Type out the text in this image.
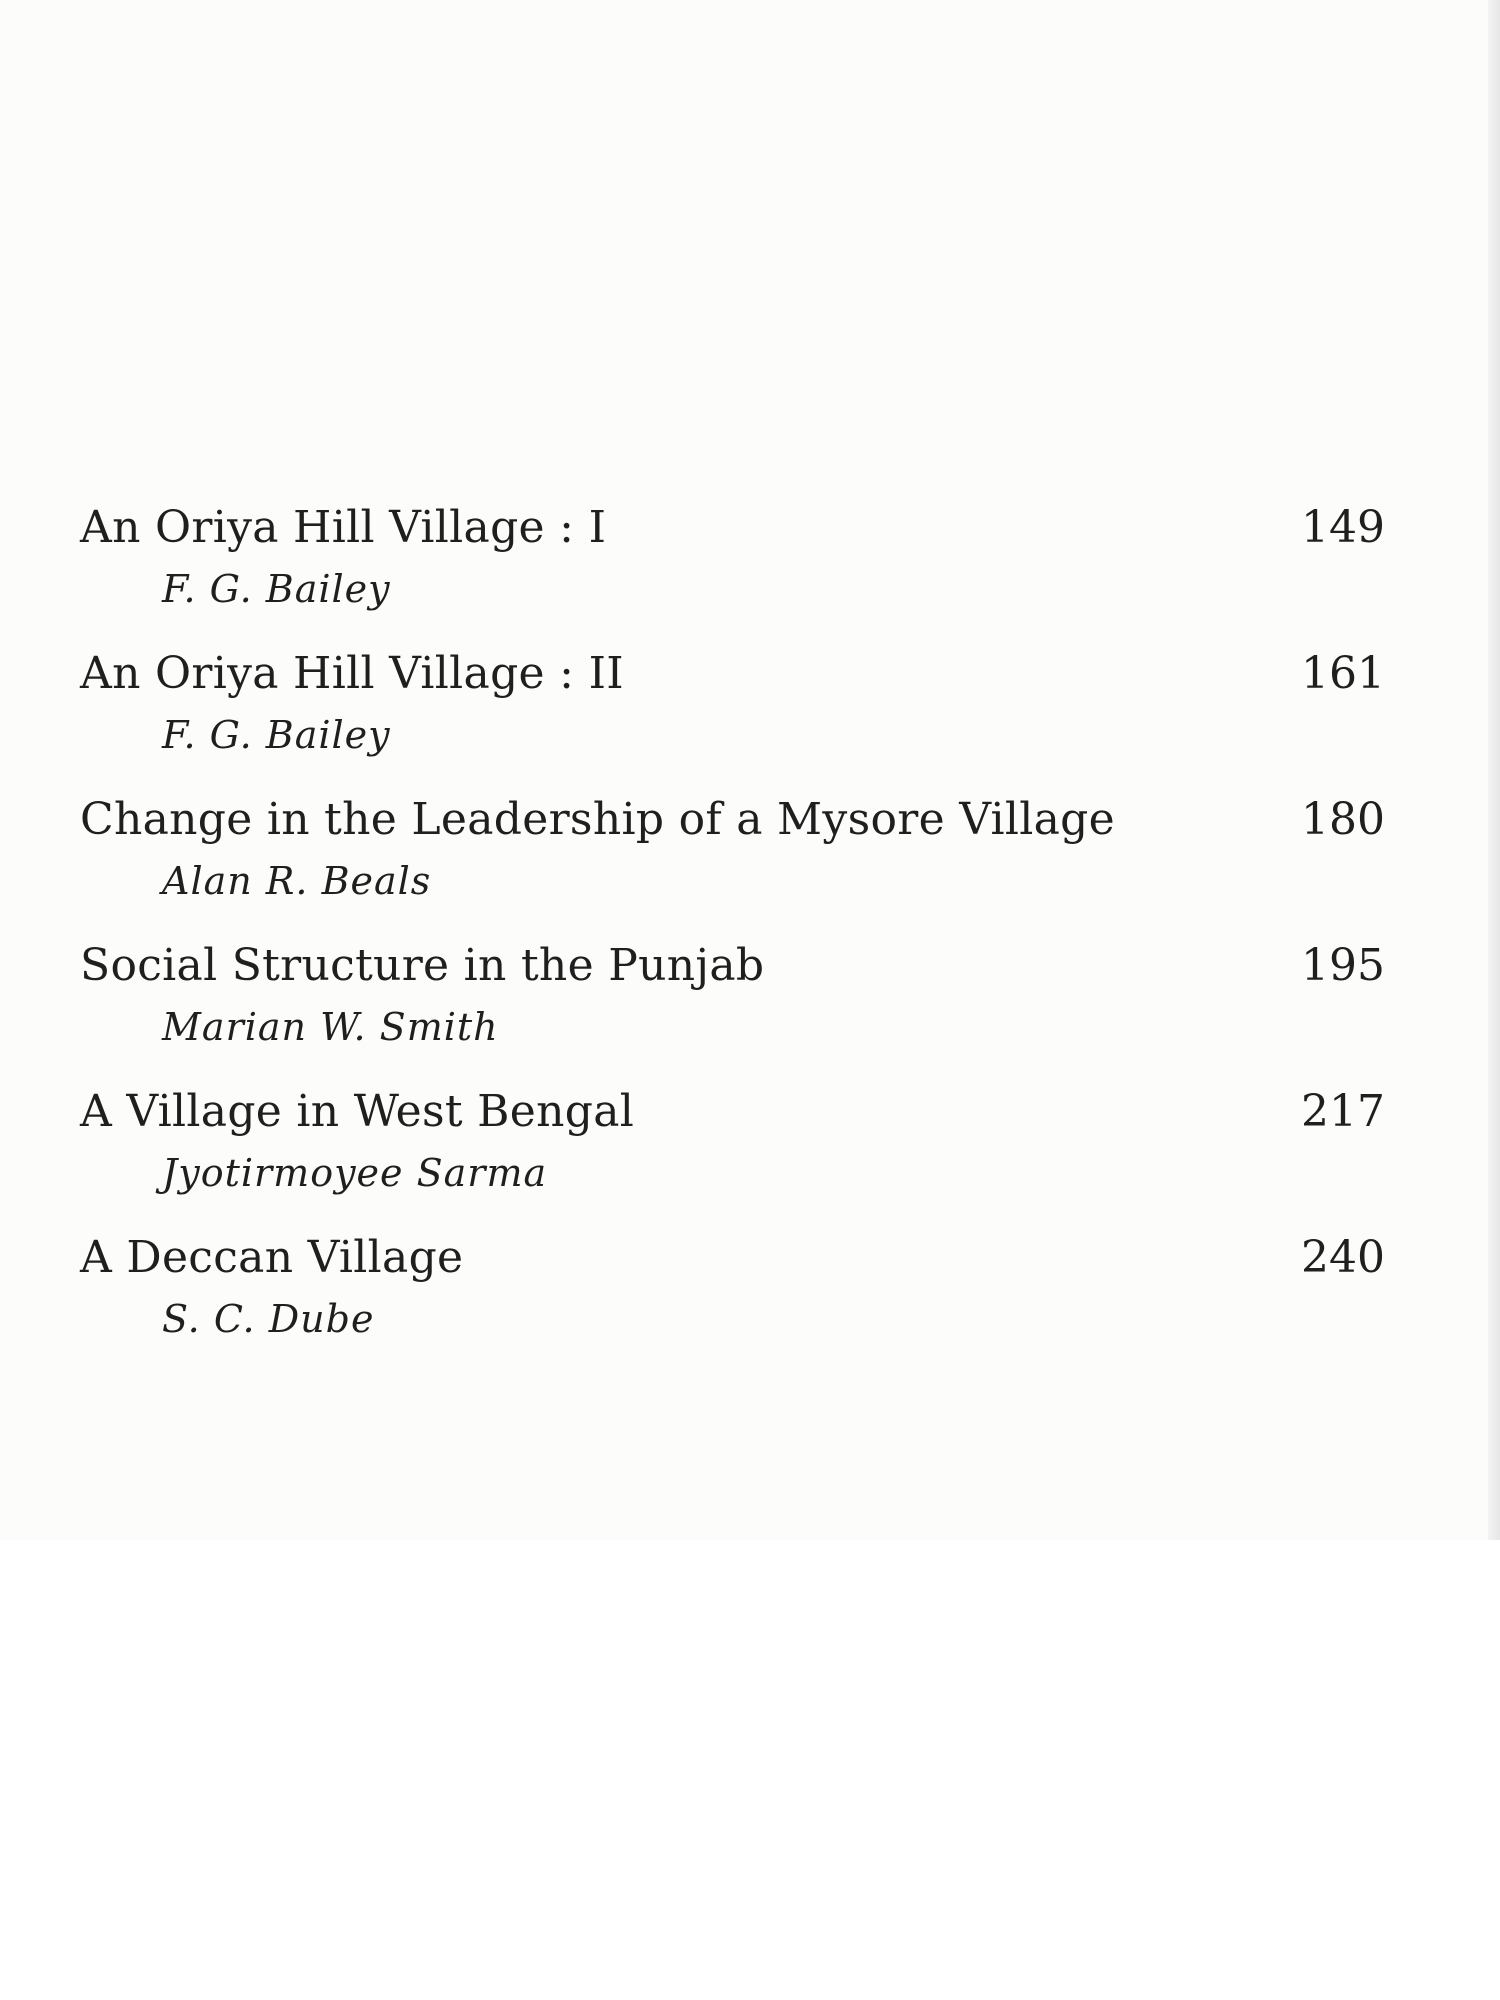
An Oriya Hill Village : I	149
F. G. Bailey
An Oriya Hill Village : II	161
F. G. Bailey
Change in the Leadership of a Mysore Village	180
Alan R. Beals
Social Structure in the Punjab	195
Marian W. Smith
A Village in West Bengal	217
Jyotirmoyee Sarma
A Deccan Village	240
S. C. Dube
